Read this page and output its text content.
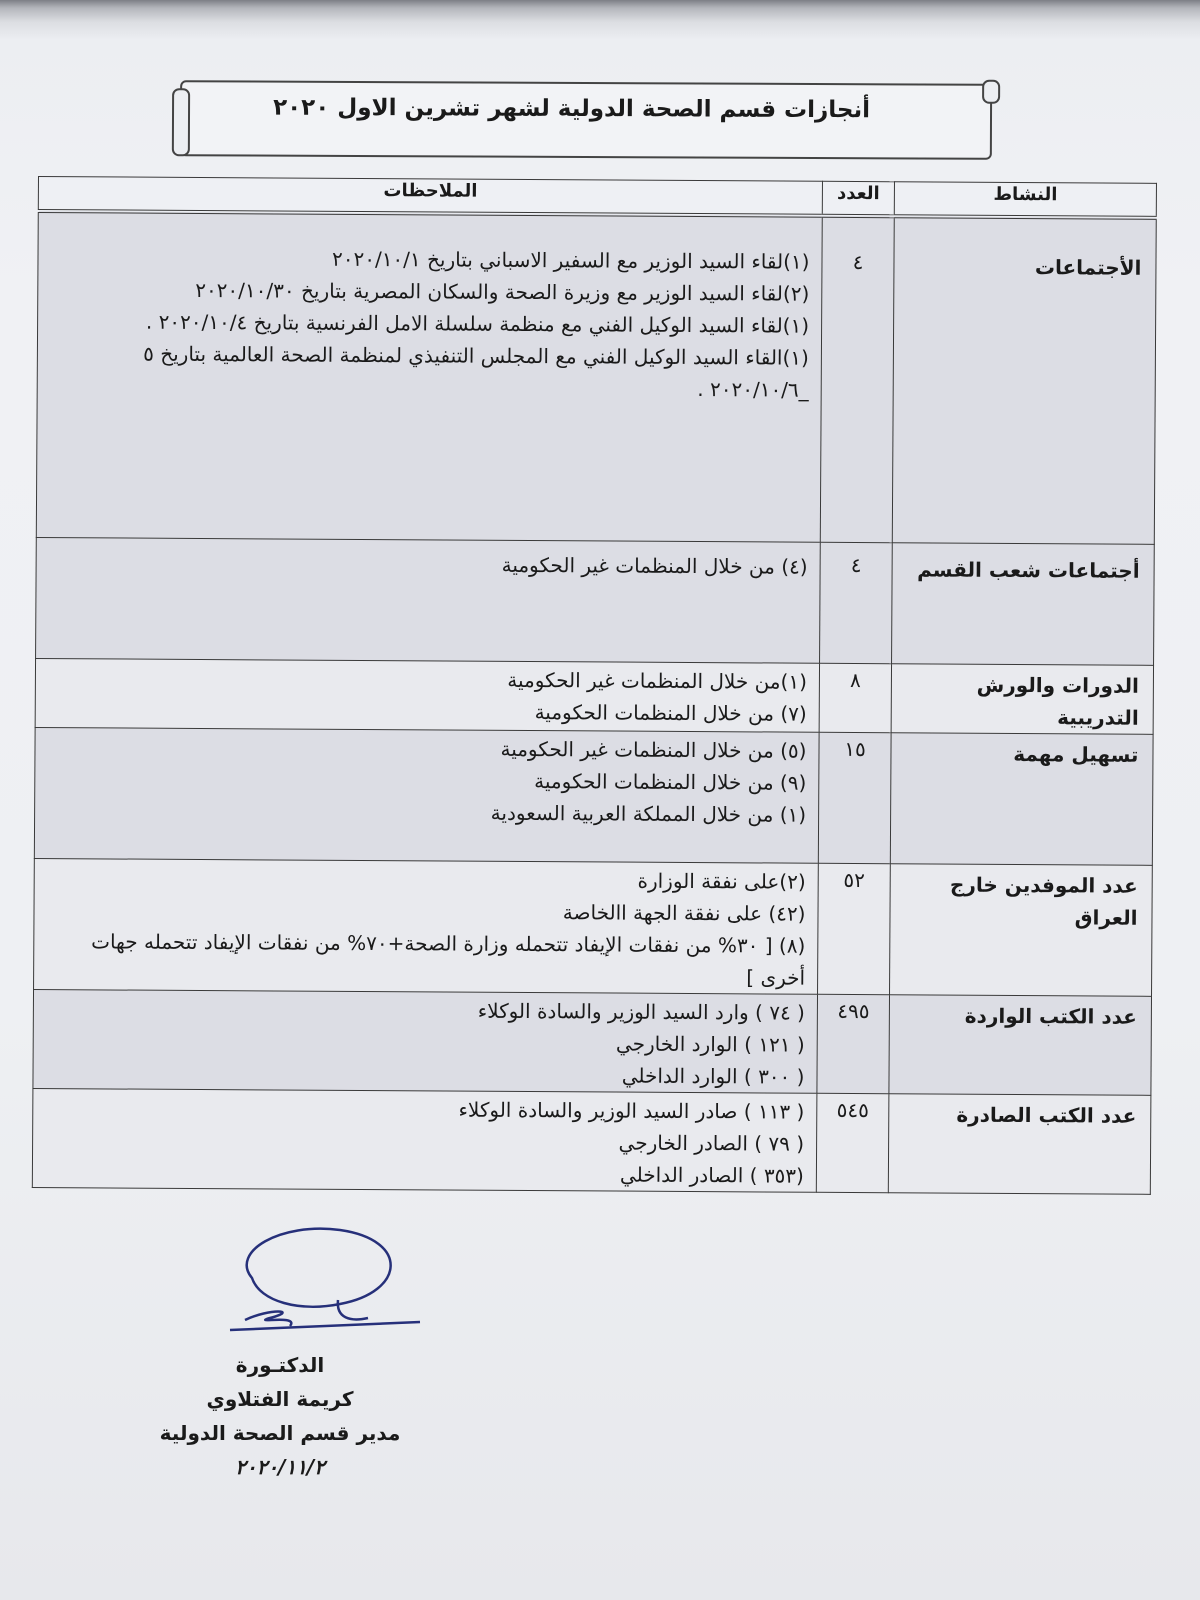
أنجازات قسم الصحة الدولية لشهر تشرين الاول ٢٠٢٠
النشاط	العدد	الملاحظات
الأجتماعات	٤	(١)لقاء السيد الوزير مع السفير الاسباني بتاريخ ٢٠٢٠/١٠/١
(٢)لقاء السيد الوزير مع وزيرة الصحة والسكان المصرية بتاريخ ٢٠٢٠/١٠/٣٠
(١)لقاء السيد الوكيل الفني مع منظمة سلسلة الامل الفرنسية بتاريخ ٢٠٢٠/١٠/٤ .
(١)القاء السيد الوكيل الفني مع المجلس التنفيذي لمنظمة الصحة العالمية بتاريخ ٥ _٢٠٢٠/١٠/٦ .

أجتماعات شعب القسم	٤	(٤) من خلال المنظمات غير الحكومية

الدورات والورش التدريبية	٨	(١)من خلال المنظمات غير الحكومية
(٧) من خلال المنظمات الحكومية

تسهيل مهمة	١٥	(٥) من خلال المنظمات غير الحكومية
(٩) من خلال المنظمات الحكومية
(١) من خلال المملكة العربية السعودية

عدد الموفدين خارج العراق	٥٢	(٢)على نفقة الوزارة
(٤٢) على نفقة الجهة االخاصة
(٨) [ ٣٠% من نفقات الإيفاد تتحمله وزارة الصحة+٧٠% من نفقات الإيفاد تتحمله جهات أخرى ]

عدد الكتب الواردة	٤٩٥	( ٧٤ ) وارد السيد الوزير والسادة الوكلاء
( ١٢١ ) الوارد الخارجي
( ٣٠٠ ) الوارد الداخلي

عدد الكتب الصادرة	٥٤٥	( ١١٣ ) صادر السيد الوزير والسادة الوكلاء
( ٧٩ ) الصادر الخارجي
(٣٥٣ ) الصادر الداخلي
الدكتـورة
كريمة الفتلاوي
مدير قسم الصحة الدولية
٢٠٢٠/١١/٢
